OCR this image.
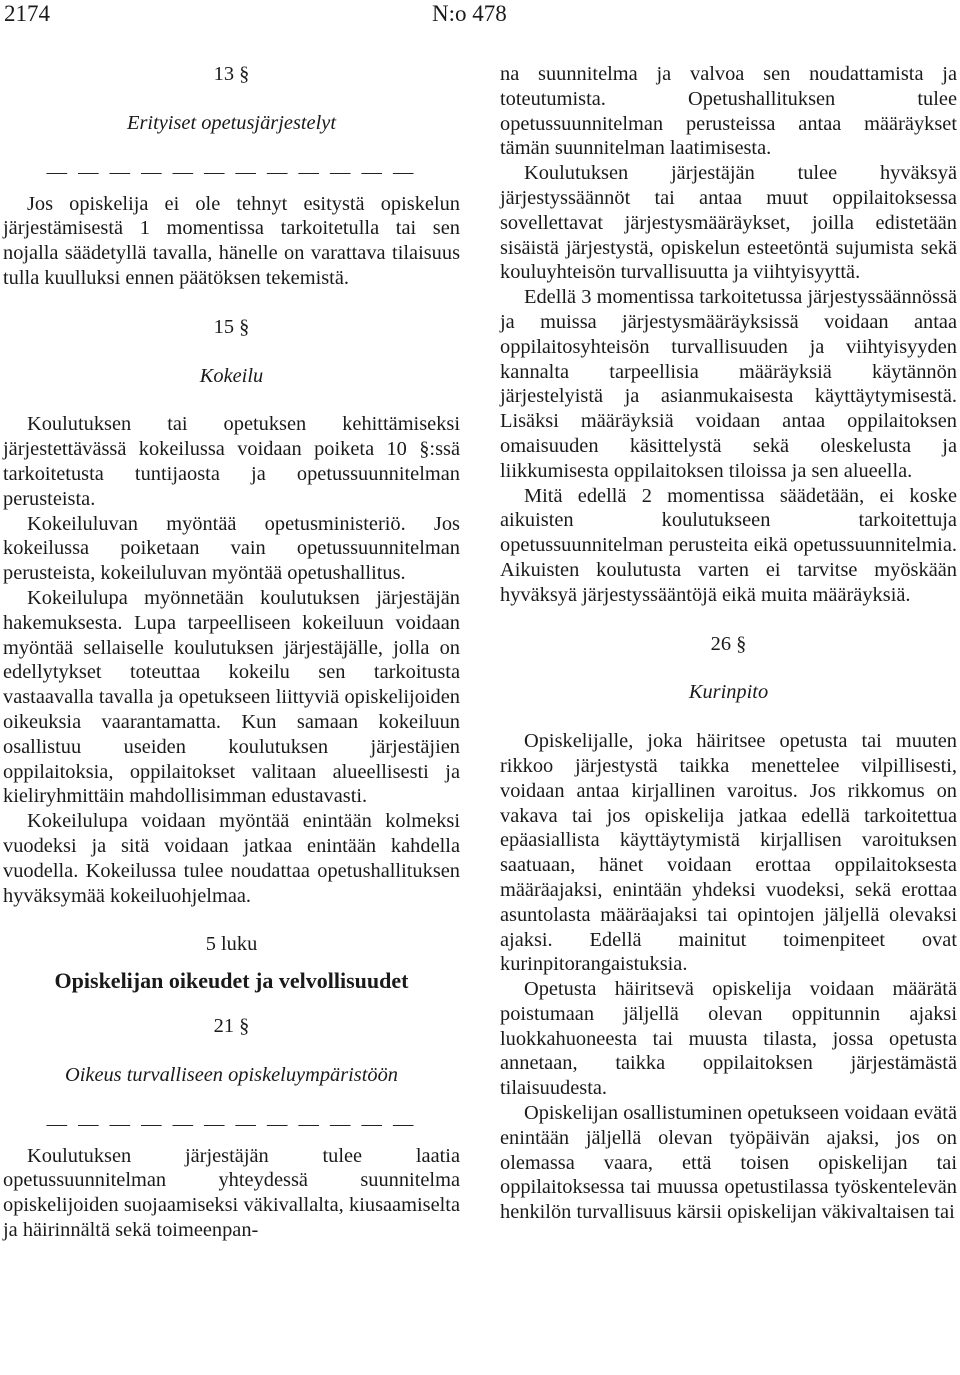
2174	N:o 478
13 §
Erityiset opetusjärjestelyt
— — — — — — — — — — — —

Jos opiskelija ei ole tehnyt esitystä opiskelun järjestämisestä 1 momentissa tarkoitetulla tai sen nojalla säädetyllä tavalla, hänelle on varattava tilaisuus tulla kuulluksi ennen päätöksen tekemistä.

15 §
Kokeilu

Koulutuksen tai opetuksen kehittämiseksi järjestettävässä kokeilussa voidaan poiketa 10 §:ssä tarkoitetusta tuntijaosta ja opetussuunnitelman perusteista.

Kokeiluluvan myöntää opetusministeriö. Jos kokeilussa poiketaan vain opetussuunnitelman perusteista, kokeiluluvan myöntää opetushallitus.

Kokeilulupa myönnetään koulutuksen järjestäjän hakemuksesta. Lupa tarpeelliseen kokeiluun voidaan myöntää sellaiselle koulutuksen järjestäjälle, jolla on edellytykset toteuttaa kokeilu sen tarkoitusta vastaavalla tavalla ja opetukseen liittyviä opiskelijoiden oikeuksia vaarantamatta. Kun samaan kokeiluun osallistuu useiden koulutuksen järjestäjien oppilaitoksia, oppilaitokset valitaan alueellisesti ja kieliryhmittäin mahdollisimman edustavasti.

Kokeilulupa voidaan myöntää enintään kolmeksi vuodeksi ja sitä voidaan jatkaa enintään kahdella vuodella. Kokeilussa tulee noudattaa opetushallituksen hyväksymää kokeiluohjelmaa.

5 luku
Opiskelijan oikeudet ja velvollisuudet
21 §
Oikeus turvalliseen opiskeluympäristöön
— — — — — — — — — — — —

Koulutuksen järjestäjän tulee laatia opetussuunnitelman yhteydessä suunnitelma opiskelijoiden suojaamiseksi väkivallalta, kiusaamiselta ja häirinnältä sekä toimeenpan-

na suunnitelma ja valvoa sen noudattamista ja toteutumista. Opetushallituksen tulee opetussuunnitelman perusteissa antaa määräykset tämän suunnitelman laatimisesta.

Koulutuksen järjestäjän tulee hyväksyä järjestyssäännöt tai antaa muut oppilaitoksessa sovellettavat järjestysmääräykset, joilla edistetään sisäistä järjestystä, opiskelun esteetöntä sujumista sekä kouluyhteisön turvallisuutta ja viihtyisyyttä.

Edellä 3 momentissa tarkoitetussa järjestyssäännössä ja muissa järjestysmääräyksissä voidaan antaa oppilaitosyhteisön turvallisuuden ja viihtyisyyden kannalta tarpeellisia määräyksiä käytännön järjestelyistä ja asianmukaisesta käyttäytymisestä. Lisäksi määräyksiä voidaan antaa oppilaitoksen omaisuuden käsittelystä sekä oleskelusta ja liikkumisesta oppilaitoksen tiloissa ja sen alueella.

Mitä edellä 2 momentissa säädetään, ei koske aikuisten koulutukseen tarkoitettuja opetussuunnitelman perusteita eikä opetussuunnitelmia. Aikuisten koulutusta varten ei tarvitse myöskään hyväksyä järjestyssääntöjä eikä muita määräyksiä.

26 §
Kurinpito

Opiskelijalle, joka häiritsee opetusta tai muuten rikkoo järjestystä taikka menettelee vilpillisesti, voidaan antaa kirjallinen varoitus. Jos rikkomus on vakava tai jos opiskelija jatkaa edellä tarkoitettua epäasiallista käyttäytymistä kirjallisen varoituksen saatuaan, hänet voidaan erottaa oppilaitoksesta määräajaksi, enintään yhdeksi vuodeksi, sekä erottaa asuntolasta määräajaksi tai opintojen jäljellä olevaksi ajaksi. Edellä mainitut toimenpiteet ovat kurinpitorangaistuksia.

Opetusta häiritsevä opiskelija voidaan määrätä poistumaan jäljellä olevan oppitunnin ajaksi luokkahuoneesta tai muusta tilasta, jossa opetusta annetaan, taikka oppilaitoksen järjestämästä tilaisuudesta.

Opiskelijan osallistuminen opetukseen voidaan evätä enintään jäljellä olevan työpäivän ajaksi, jos on olemassa vaara, että toisen opiskelijan tai oppilaitoksessa tai muussa opetustilassa työskentelevän henkilön turvallisuus kärsii opiskelijan väkivaltaisen tai
